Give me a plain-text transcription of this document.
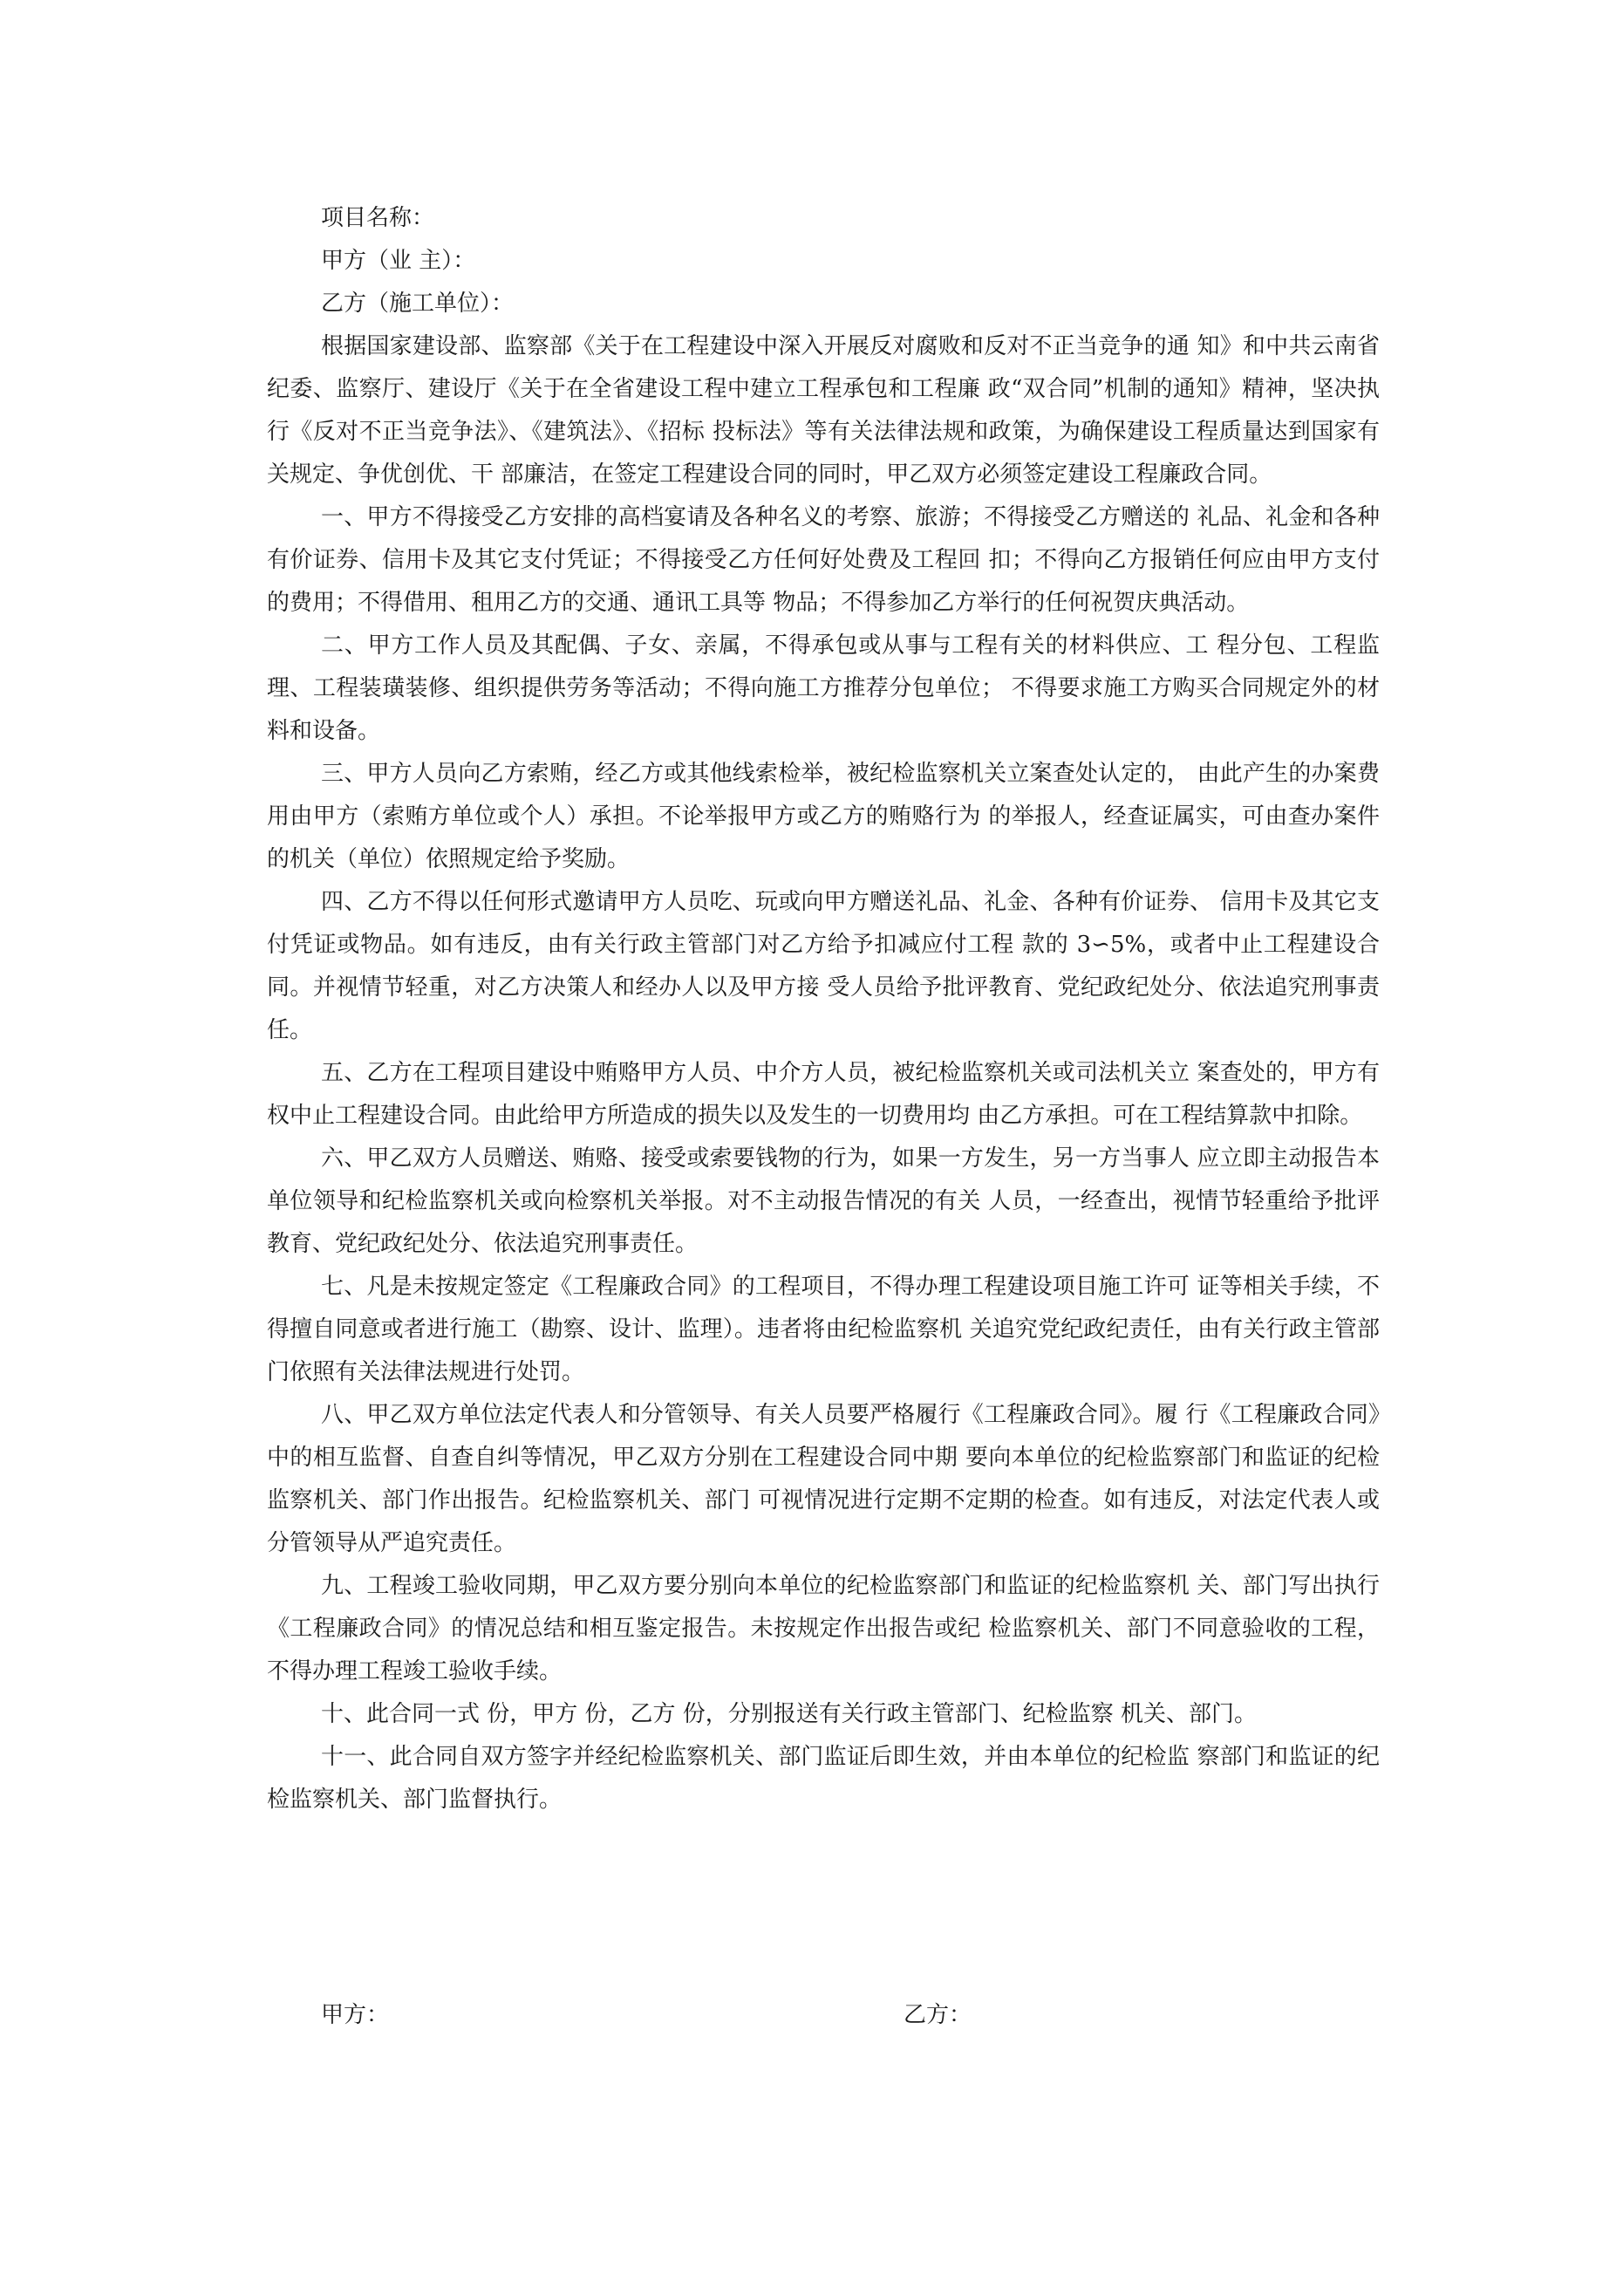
项目名称：

甲方（业 主）：

乙方（施工单位）：

根据国家建设部、监察部《关于在工程建设中深入开展反对腐败和反对不正当竞争的通 知》和中共云南省纪委、监察厅、建设厅《关于在全省建设工程中建立工程承包和工程廉 政“双合同”机制的通知》精神，坚决执行《反对不正当竞争法》、《建筑法》、《招标 投标法》等有关法律法规和政策，为确保建设工程质量达到国家有关规定、争优创优、干 部廉洁，在签定工程建设合同的同时，甲乙双方必须签定建设工程廉政合同。

一、甲方不得接受乙方安排的高档宴请及各种名义的考察、旅游；不得接受乙方赠送的 礼品、礼金和各种有价证券、信用卡及其它支付凭证；不得接受乙方任何好处费及工程回 扣；不得向乙方报销任何应由甲方支付的费用；不得借用、租用乙方的交通、通讯工具等 物品；不得参加乙方举行的任何祝贺庆典活动。

二、甲方工作人员及其配偶、子女、亲属，不得承包或从事与工程有关的材料供应、工 程分包、工程监理、工程装璜装修、组织提供劳务等活动；不得向施工方推荐分包单位； 不得要求施工方购买合同规定外的材料和设备。

三、甲方人员向乙方索贿，经乙方或其他线索检举，被纪检监察机关立案查处认定的， 由此产生的办案费用由甲方（索贿方单位或个人）承担。不论举报甲方或乙方的贿赂行为 的举报人，经查证属实，可由查办案件的机关（单位）依照规定给予奖励。

四、乙方不得以任何形式邀请甲方人员吃、玩或向甲方赠送礼品、礼金、各种有价证券、 信用卡及其它支付凭证或物品。如有违反，由有关行政主管部门对乙方给予扣减应付工程 款的 3∽5%，或者中止工程建设合同。并视情节轻重，对乙方决策人和经办人以及甲方接 受人员给予批评教育、党纪政纪处分、依法追究刑事责任。

五、乙方在工程项目建设中贿赂甲方人员、中介方人员，被纪检监察机关或司法机关立 案查处的，甲方有权中止工程建设合同。由此给甲方所造成的损失以及发生的一切费用均 由乙方承担。可在工程结算款中扣除。

六、甲乙双方人员赠送、贿赂、接受或索要钱物的行为，如果一方发生，另一方当事人 应立即主动报告本单位领导和纪检监察机关或向检察机关举报。对不主动报告情况的有关 人员，一经查出，视情节轻重给予批评教育、党纪政纪处分、依法追究刑事责任。

七、凡是未按规定签定《工程廉政合同》的工程项目，不得办理工程建设项目施工许可 证等相关手续，不得擅自同意或者进行施工（勘察、设计、监理）。违者将由纪检监察机 关追究党纪政纪责任，由有关行政主管部门依照有关法律法规进行处罚。

八、甲乙双方单位法定代表人和分管领导、有关人员要严格履行《工程廉政合同》。履 行《工程廉政合同》中的相互监督、自查自纠等情况，甲乙双方分别在工程建设合同中期 要向本单位的纪检监察部门和监证的纪检监察机关、部门作出报告。纪检监察机关、部门 可视情况进行定期不定期的检查。如有违反，对法定代表人或分管领导从严追究责任。

九、工程竣工验收同期，甲乙双方要分别向本单位的纪检监察部门和监证的纪检监察机 关、部门写出执行《工程廉政合同》的情况总结和相互鉴定报告。未按规定作出报告或纪 检监察机关、部门不同意验收的工程，不得办理工程竣工验收手续。

十、此合同一式 份，甲方 份，乙方 份，分别报送有关行政主管部门、纪检监察 机关、部门。

十一、此合同自双方签字并经纪检监察机关、部门监证后即生效，并由本单位的纪检监 察部门和监证的纪检监察机关、部门监督执行。

甲方：	乙方：
